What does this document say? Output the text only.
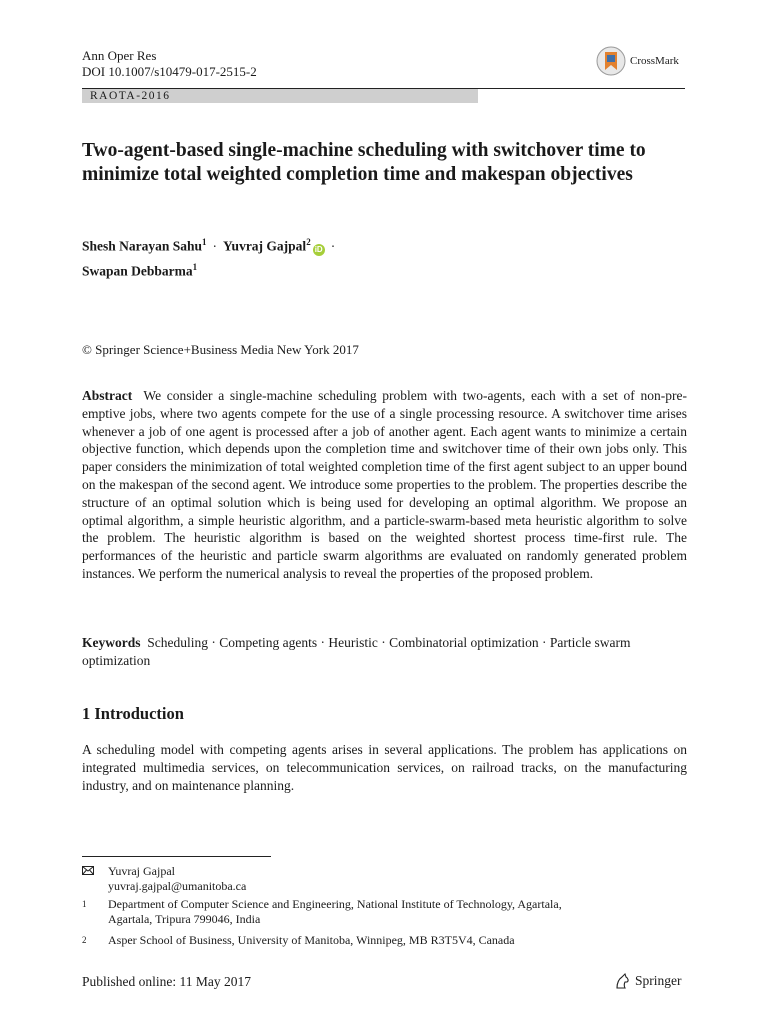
Ann Oper Res
DOI 10.1007/s10479-017-2515-2
CrossMark
RAOTA-2016
Two-agent-based single-machine scheduling with switchover time to minimize total weighted completion time and makespan objectives
Shesh Narayan Sahu$^1$ · Yuvraj Gajpal$^2$iD ·
Swapan Debbarma$^1$
© Springer Science+Business Media New York 2017
Abstract We consider a single-machine scheduling problem with two-agents, each with a set of non-pre-emptive jobs, where two agents compete for the use of a single processing resource. A switchover time arises whenever a job of one agent is processed after a job of another agent. Each agent wants to minimize a certain objective function, which depends upon the completion time and switchover time of their own jobs only. This paper considers the minimization of total weighted completion time of the first agent subject to an upper bound on the makespan of the second agent. We introduce some properties to the problem. The properties describe the structure of an optimal solution which is being used for developing an optimal algorithm. We propose an optimal algorithm, a simple heuristic algorithm, and a particle-swarm-based meta heuristic algorithm to solve the problem. The heuristic algorithm is based on the weighted shortest process time-first rule. The performances of the heuristic and particle swarm algorithms are evaluated on randomly generated problem instances. We perform the numerical analysis to reveal the properties of the proposed problem.
Keywords Scheduling · Competing agents · Heuristic · Combinatorial optimization · Particle swarm optimization
1 Introduction
A scheduling model with competing agents arises in several applications. The problem has applications on integrated multimedia services, on telecommunication services, on railroad tracks, on the manufacturing industry, and on maintenance planning.
Yuvraj Gajpal
yuvraj.gajpal@umanitoba.ca
$^1$ Department of Computer Science and Engineering, National Institute of Technology, Agartala,
Agartala, Tripura 799046, India
$^2$ Asper School of Business, University of Manitoba, Winnipeg, MB R3T5V4, Canada
Published online: 11 May 2017	Springer
